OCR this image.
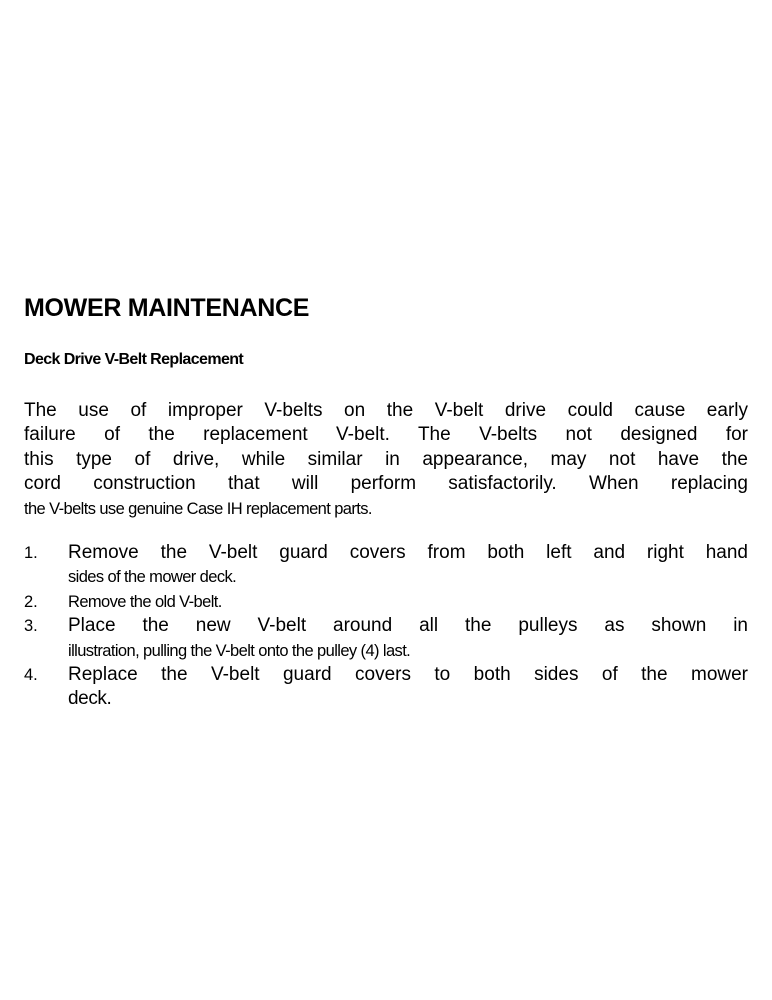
MOWER MAINTENANCE
Deck Drive V-Belt Replacement
The use of improper V-belts on the V-belt drive could cause early
failure of the replacement V-belt. The V-belts not designed for
this type of drive, while similar in appearance, may not have the
cord construction that will perform satisfactorily. When replacing
the V-belts use genuine Case IH replacement parts.
1. Remove the V-belt guard covers from both left and right hand
sides of the mower deck.
2. Remove the old V-belt.
3. Place the new V-belt around all the pulleys as shown in
illustration, pulling the V-belt onto the pulley (4) last.
4. Replace the V-belt guard covers to both sides of the mower
deck.
